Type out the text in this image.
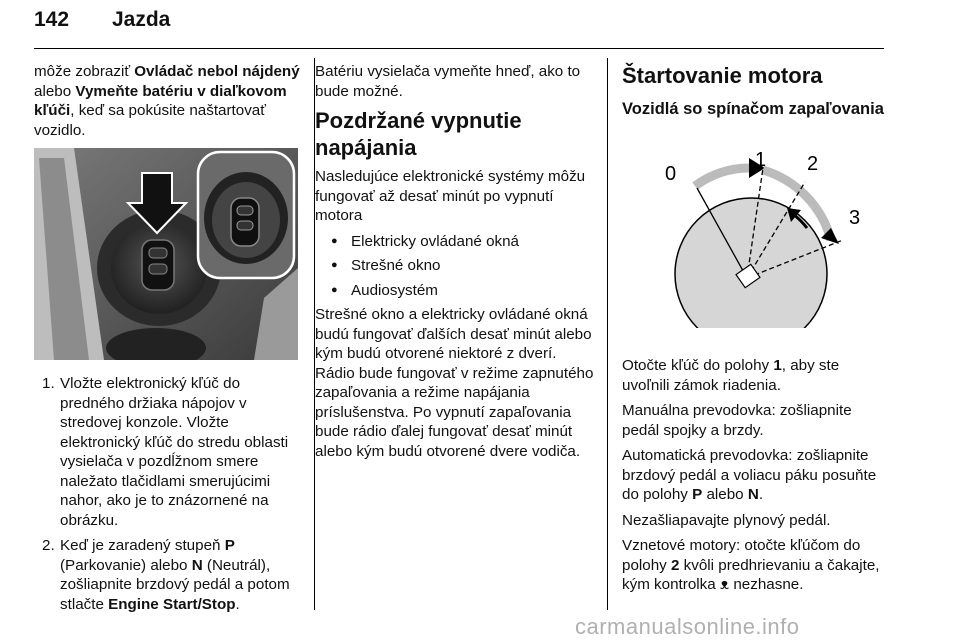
142 Jazda

môže zobraziť Ovládač nebol nájdený alebo Vymeňte batériu v diaľkovom kľúči, keď sa pokúsite naštartovať vozidlo.

1. Vložte elektronický kľúč do predného držiaka nápojov v stredovej konzole. Vložte elektronický kľúč do stredu oblasti vysielača v pozdĺžnom smere naležato tlačidlami smerujúcimi nahor, ako je to znázornené na obrázku.
2. Keď je zaradený stupeň P (Parkovanie) alebo N (Neutrál), zošliapnite brzdový pedál a potom stlačte Engine Start/Stop.

Batériu vysielača vymeňte hneď, ako to bude možné.

Pozdržané vypnutie napájania

Nasledujúce elektronické systémy môžu fungovať až desať minút po vypnutí motora

● Elektricky ovládané okná
● Strešné okno
● Audiosystém

Strešné okno a elektricky ovládané okná budú fungovať ďalších desať minút alebo kým budú otvorené niektoré z dverí. Rádio bude fungovať v režime zapnutého zapaľovania a režime napájania príslušenstva. Po vypnutí zapaľovania bude rádio ďalej fungovať desať minút alebo kým budú otvorené dvere vodiča.

Štartovanie motora
Vozidlá so spínačom zapaľovania
0
1 2
3

Otočte kľúč do polohy 1, aby ste uvoľnili zámok riadenia.

Manuálna prevodovka: zošliapnite pedál spojky a brzdy.

Automatická prevodovka: zošliapnite brzdový pedál a voliacu páku posuňte do polohy P alebo N.

Nezašliapavajte plynový pedál.

Vznetové motory: otočte kľúčom do polohy 2 kvôli predhrievaniu a čakajte, kým kontrolka ᴥ nezhasne.

carmanualsonline.info
